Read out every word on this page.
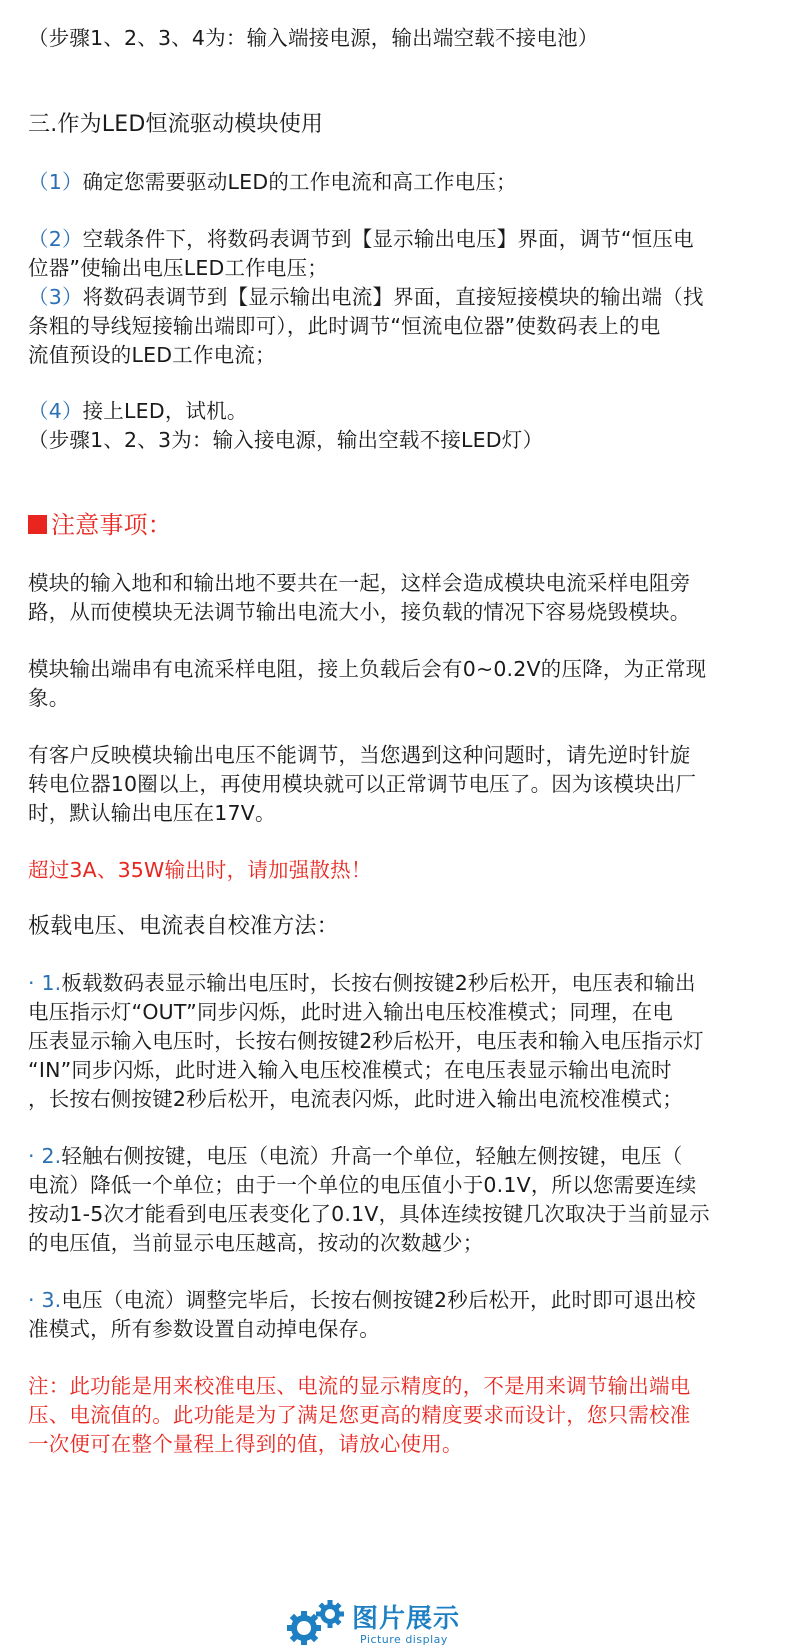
（步骤1、2、3、4为：输入端接电源，输出端空载不接电池）

三.作为LED恒流驱动模块使用

（1）确定您需要驱动LED的工作电流和高工作电压；

（2）空载条件下，将数码表调节到【显示输出电压】界面，调节“恒压电

位器”使输出电压LED工作电压；

（3）将数码表调节到【显示输出电流】界面，直接短接模块的输出端（找

条粗的导线短接输出端即可），此时调节“恒流电位器”使数码表上的电

流值预设的LED工作电流；

（4）接上LED，试机。

（步骤1、2、3为：输入接电源，输出空载不接LED灯）

注意事项：

模块的输入地和和输出地不要共在一起，这样会造成模块电流采样电阻旁

路，从而使模块无法调节输出电流大小，接负载的情况下容易烧毁模块。

模块输出端串有电流采样电阻，接上负载后会有0~0.2V的压降，为正常现

象。

有客户反映模块输出电压不能调节，当您遇到这种问题时，请先逆时针旋

转电位器10圈以上，再使用模块就可以正常调节电压了。因为该模块出厂

时，默认输出电压在17V。

超过3A、35W输出时，请加强散热！

板载电压、电流表自校准方法：

· 1.板载数码表显示输出电压时，长按右侧按键2秒后松开，电压表和输出

电压指示灯“OUT”同步闪烁，此时进入输出电压校准模式；同理，在电

压表显示输入电压时，长按右侧按键2秒后松开，电压表和输入电压指示灯

“IN”同步闪烁，此时进入输入电压校准模式；在电压表显示输出电流时

，长按右侧按键2秒后松开，电流表闪烁，此时进入输出电流校准模式；

· 2.轻触右侧按键，电压（电流）升高一个单位，轻触左侧按键，电压（

电流）降低一个单位；由于一个单位的电压值小于0.1V，所以您需要连续

按动1-5次才能看到电压表变化了0.1V，具体连续按键几次取决于当前显示

的电压值，当前显示电压越高，按动的次数越少；

· 3.电压（电流）调整完毕后，长按右侧按键2秒后松开，此时即可退出校

准模式，所有参数设置自动掉电保存。

注：此功能是用来校准电压、电流的显示精度的，不是用来调节输出端电

压、电流值的。此功能是为了满足您更高的精度要求而设计，您只需校准

一次便可在整个量程上得到的值，请放心使用。

图片展示
Picture display
